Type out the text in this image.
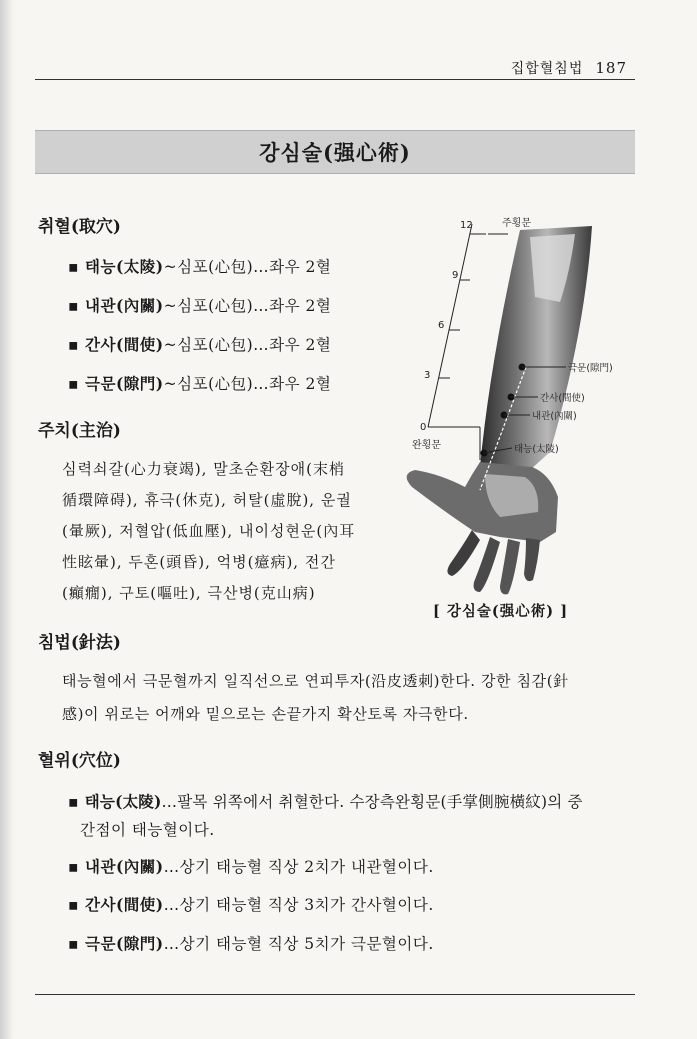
집합혈침법 187
강심술(强心術)
취혈(取穴)
▪ 태능(太陵)~심포(心包)…좌우 2혈
▪ 내관(內關)~심포(心包)…좌우 2혈
▪ 간사(間使)~심포(心包)…좌우 2혈
▪ 극문(隙門)~심포(心包)…좌우 2혈
주치(主治)
심력쇠갈(心力衰竭), 말초순환장애(末梢
循環障碍), 휴극(休克), 허탈(虛脫), 운궐
(暈厥), 저혈압(低血壓), 내이성현운(內耳
性眩暈), 두혼(頭昏), 억병(癔病), 전간
(癲癇), 구토(嘔吐), 극산병(克山病)
침법(針法)
태능혈에서 극문혈까지 일직선으로 연피투자(沿皮透刺)한다. 강한 침감(針
感)이 위로는 어깨와 밑으로는 손끝가지 확산토록 자극한다.
혈위(穴位)
▪ 태능(太陵)…팔목 위쪽에서 취혈한다. 수장측완횡문(手掌側腕橫紋)의 중
간점이 태능혈이다.
▪ 내관(內關)…상기 태능혈 직상 2치가 내관혈이다.
▪ 간사(間使)…상기 태능혈 직상 3치가 간사혈이다.
▪ 극문(隙門)…상기 태능혈 직상 5치가 극문혈이다.
12
9
6
3
0
주횡문
완횡문
극문(隙門)
간사(間使)
내관(內關)
태능(太陵)
[ 강심술(强心術) ]
